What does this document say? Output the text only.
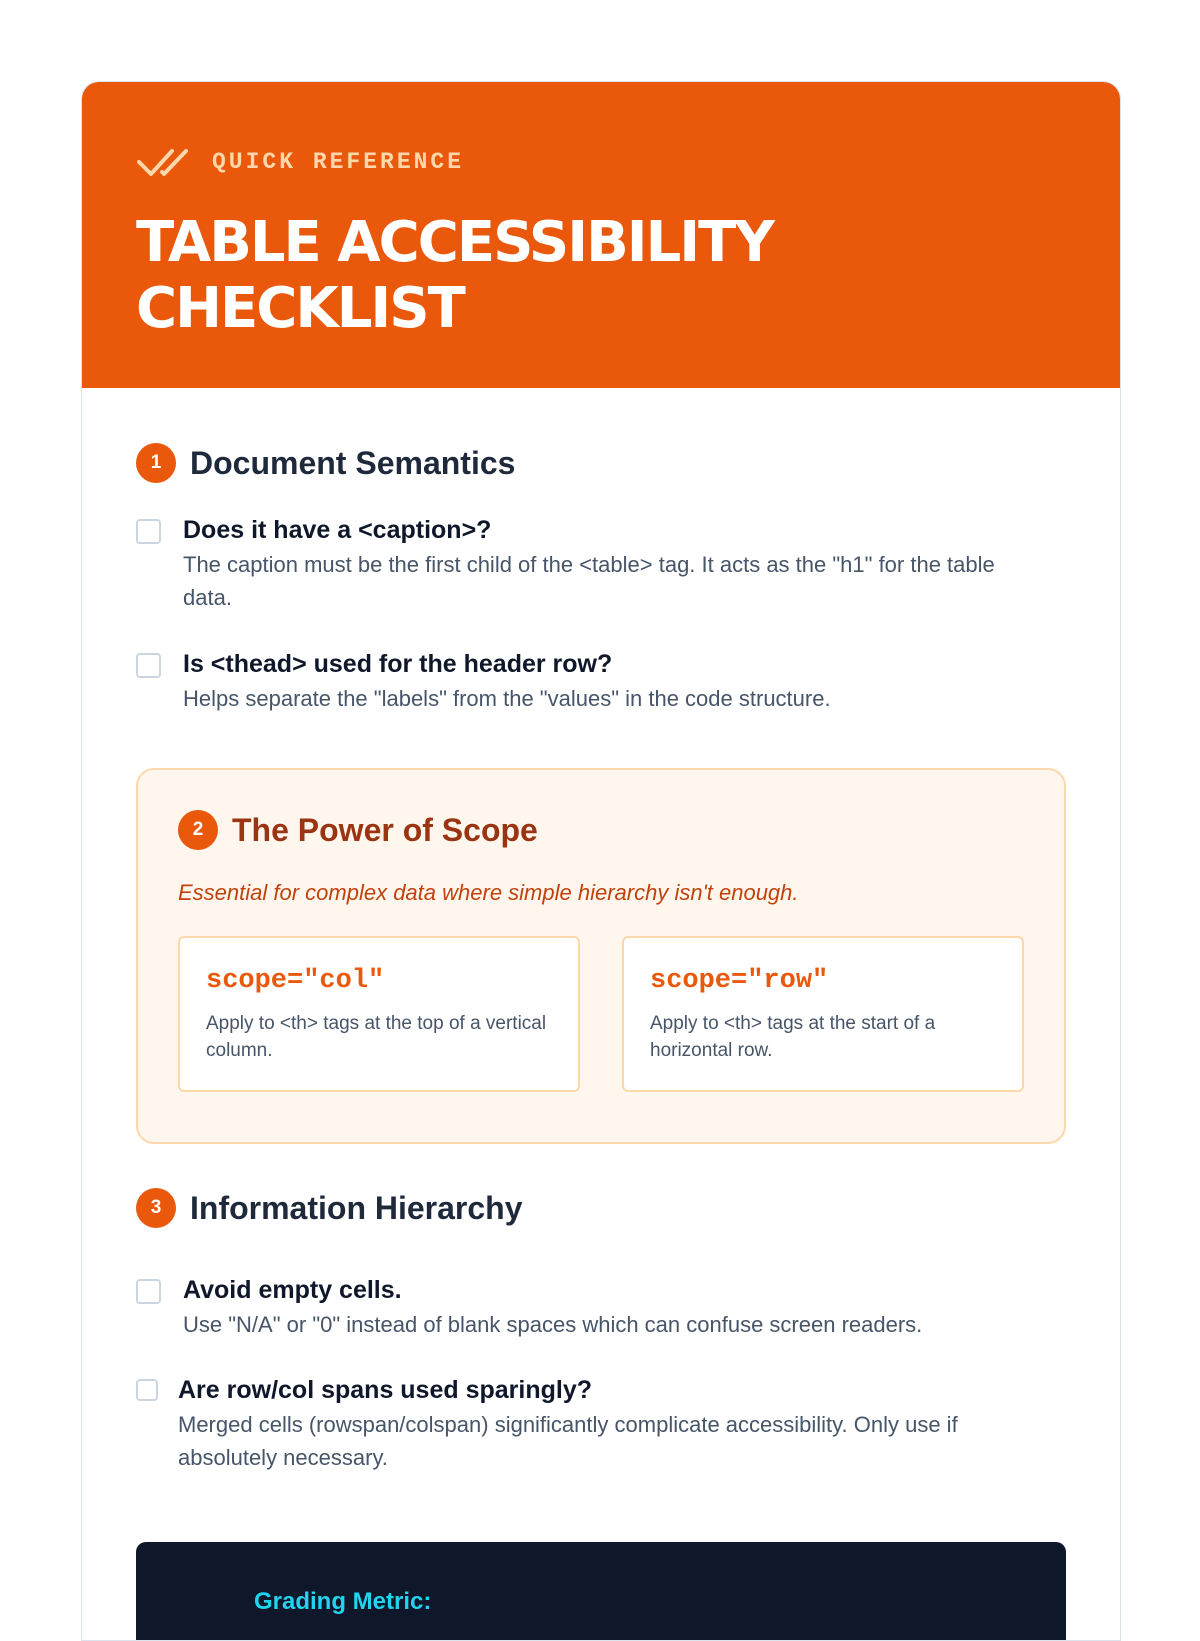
QUICK REFERENCE
TABLE ACCESSIBILITY
CHECKLIST
1 Document Semantics
Does it have a <caption>?
The caption must be the first child of the <table> tag. It acts as the "h1" for the table data.
Is <thead> used for the header row?
Helps separate the "labels" from the "values" in the code structure.
2 The Power of Scope
Essential for complex data where simple hierarchy isn't enough.
scope="col"
Apply to <th> tags at the top of a vertical column.
scope="row"
Apply to <th> tags at the start of a horizontal row.
3 Information Hierarchy
Avoid empty cells.
Use "N/A" or "0" instead of blank spaces which can confuse screen readers.
Are row/col spans used sparingly?
Merged cells (rowspan/colspan) significantly complicate accessibility. Only use if absolutely necessary.
Grading Metric:
